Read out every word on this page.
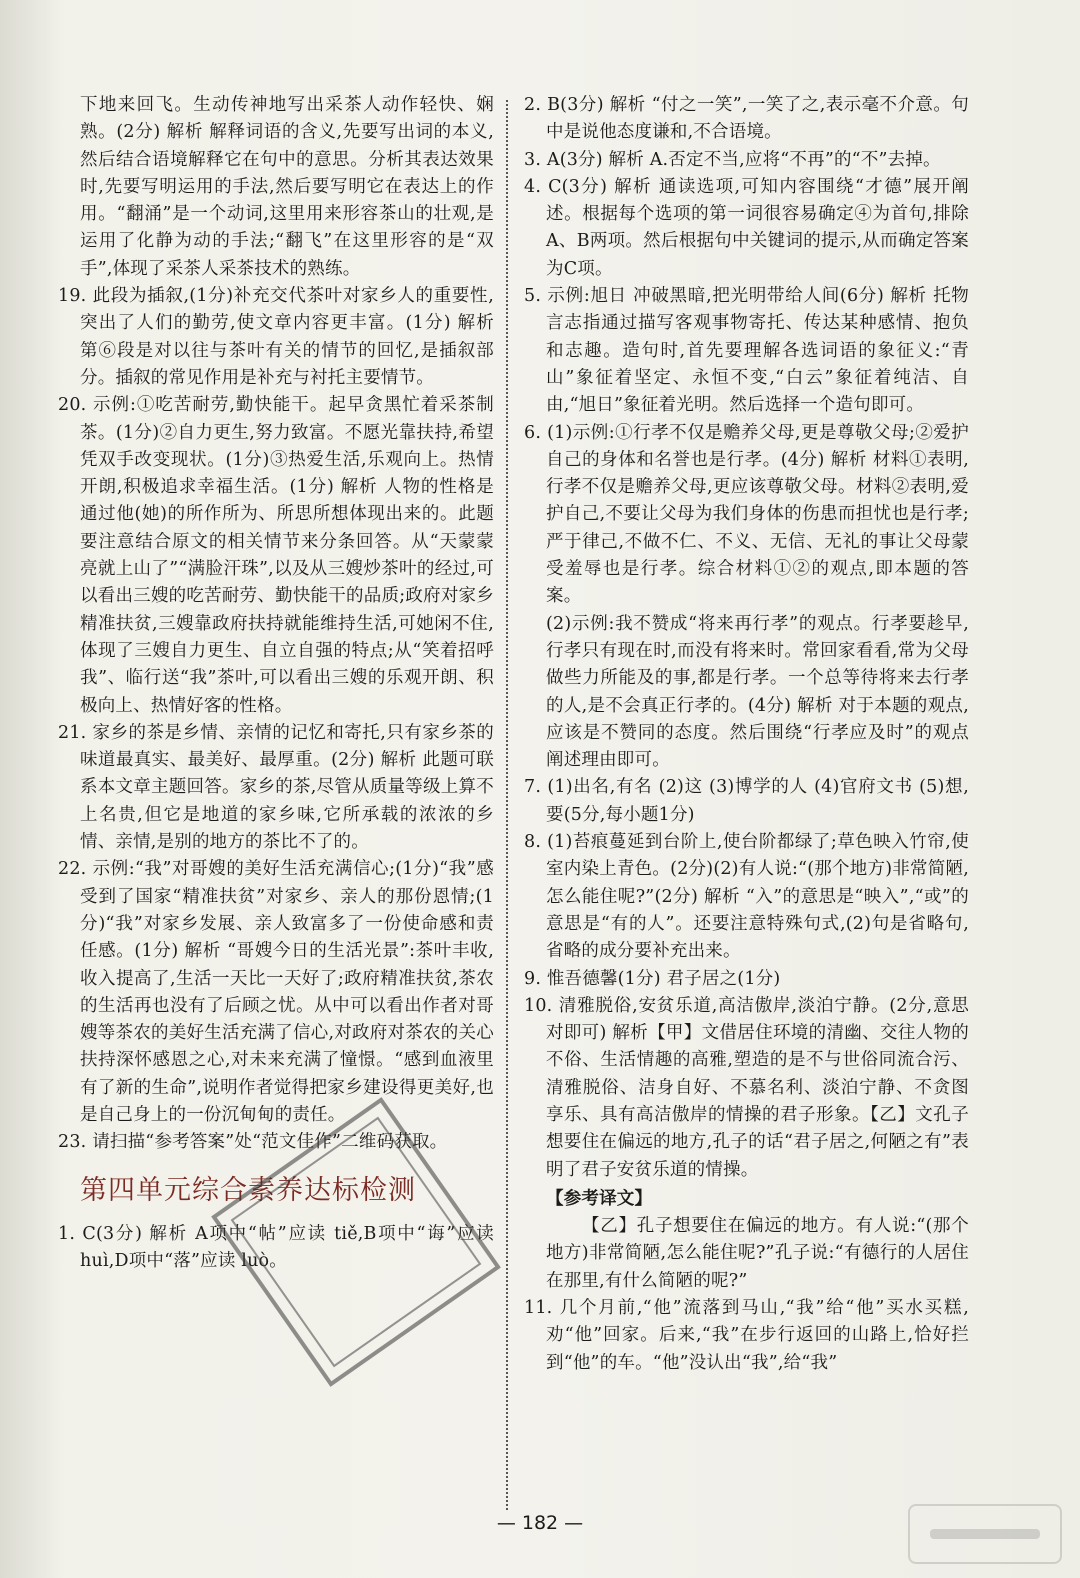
下地来回飞。生动传神地写出采茶人动作轻快、娴熟。(2分) 解析 解释词语的含义,先要写出词的本义,然后结合语境解释它在句中的意思。分析其表达效果时,先要写明运用的手法,然后要写明它在表达上的作用。“翻涌”是一个动词,这里用来形容茶山的壮观,是运用了化静为动的手法;“翻飞”在这里形容的是“双手”,体现了采茶人采茶技术的熟练。

19. 此段为插叙,(1分)补充交代茶叶对家乡人的重要性,突出了人们的勤劳,使文章内容更丰富。(1分) 解析 第⑥段是对以往与茶叶有关的情节的回忆,是插叙部分。插叙的常见作用是补充与衬托主要情节。

20. 示例:①吃苦耐劳,勤快能干。起早贪黑忙着采茶制茶。(1分)②自力更生,努力致富。不愿光靠扶持,希望凭双手改变现状。(1分)③热爱生活,乐观向上。热情开朗,积极追求幸福生活。(1分) 解析 人物的性格是通过他(她)的所作所为、所思所想体现出来的。此题要注意结合原文的相关情节来分条回答。从“天蒙蒙亮就上山了”“满脸汗珠”,以及从三嫂炒茶叶的经过,可以看出三嫂的吃苦耐劳、勤快能干的品质;政府对家乡精准扶贫,三嫂靠政府扶持就能维持生活,可她闲不住,体现了三嫂自力更生、自立自强的特点;从“笑着招呼我”、临行送“我”茶叶,可以看出三嫂的乐观开朗、积极向上、热情好客的性格。

21. 家乡的茶是乡情、亲情的记忆和寄托,只有家乡茶的味道最真实、最美好、最厚重。(2分) 解析 此题可联系本文章主题回答。家乡的茶,尽管从质量等级上算不上名贵,但它是地道的家乡味,它所承载的浓浓的乡情、亲情,是别的地方的茶比不了的。

22. 示例:“我”对哥嫂的美好生活充满信心;(1分)“我”感受到了国家“精准扶贫”对家乡、亲人的那份恩情;(1分)“我”对家乡发展、亲人致富多了一份使命感和责任感。(1分) 解析 “哥嫂今日的生活光景”:茶叶丰收,收入提高了,生活一天比一天好了;政府精准扶贫,茶农的生活再也没有了后顾之忧。从中可以看出作者对哥嫂等茶农的美好生活充满了信心,对政府对茶农的关心扶持深怀感恩之心,对未来充满了憧憬。“感到血液里有了新的生命”,说明作者觉得把家乡建设得更美好,也是自己身上的一份沉甸甸的责任。

23. 请扫描“参考答案”处“范文佳作”二维码获取。

第四单元综合素养达标检测

1. C(3分) 解析 A项中“帖”应读 tiě,B项中“诲”应读 huì,D项中“落”应读 luò。

2. B(3分) 解析 “付之一笑”,一笑了之,表示毫不介意。句中是说他态度谦和,不合语境。

3. A(3分) 解析 A.否定不当,应将“不再”的“不”去掉。

4. C(3分) 解析 通读选项,可知内容围绕“才德”展开阐述。根据每个选项的第一词很容易确定④为首句,排除A、B两项。然后根据句中关键词的提示,从而确定答案为C项。

5. 示例:旭日 冲破黑暗,把光明带给人间(6分) 解析 托物言志指通过描写客观事物寄托、传达某种感情、抱负和志趣。造句时,首先要理解各选词语的象征义:“青山”象征着坚定、永恒不变,“白云”象征着纯洁、自由,“旭日”象征着光明。然后选择一个造句即可。

6. (1)示例:①行孝不仅是赡养父母,更是尊敬父母;②爱护自己的身体和名誉也是行孝。(4分) 解析 材料①表明,行孝不仅是赡养父母,更应该尊敬父母。材料②表明,爱护自己,不要让父母为我们身体的伤患而担忧也是行孝;严于律己,不做不仁、不义、无信、无礼的事让父母蒙受羞辱也是行孝。综合材料①②的观点,即本题的答案。

(2)示例:我不赞成“将来再行孝”的观点。行孝要趁早,行孝只有现在时,而没有将来时。常回家看看,常为父母做些力所能及的事,都是行孝。一个总等待将来去行孝的人,是不会真正行孝的。(4分) 解析 对于本题的观点,应该是不赞同的态度。然后围绕“行孝应及时”的观点阐述理由即可。

7. (1)出名,有名 (2)这 (3)博学的人 (4)官府文书 (5)想,要(5分,每小题1分)

8. (1)苔痕蔓延到台阶上,使台阶都绿了;草色映入竹帘,使室内染上青色。(2分)(2)有人说:“(那个地方)非常简陋,怎么能住呢?”(2分) 解析 “入”的意思是“映入”,“或”的意思是“有的人”。还要注意特殊句式,(2)句是省略句,省略的成分要补充出来。

9. 惟吾德馨(1分) 君子居之(1分)

10. 清雅脱俗,安贫乐道,高洁傲岸,淡泊宁静。(2分,意思对即可) 解析【甲】文借居住环境的清幽、交往人物的不俗、生活情趣的高雅,塑造的是不与世俗同流合污、清雅脱俗、洁身自好、不慕名利、淡泊宁静、不贪图享乐、具有高洁傲岸的情操的君子形象。【乙】文孔子想要住在偏远的地方,孔子的话“君子居之,何陋之有”表明了君子安贫乐道的情操。

【参考译文】

【乙】孔子想要住在偏远的地方。有人说:“(那个地方)非常简陋,怎么能住呢?”孔子说:“有德行的人居住在那里,有什么简陋的呢?”

11. 几个月前,“他”流落到马山,“我”给“他”买水买糕,劝“他”回家。后来,“我”在步行返回的山路上,恰好拦到“他”的车。“他”没认出“我”,给“我”

— 182 —
